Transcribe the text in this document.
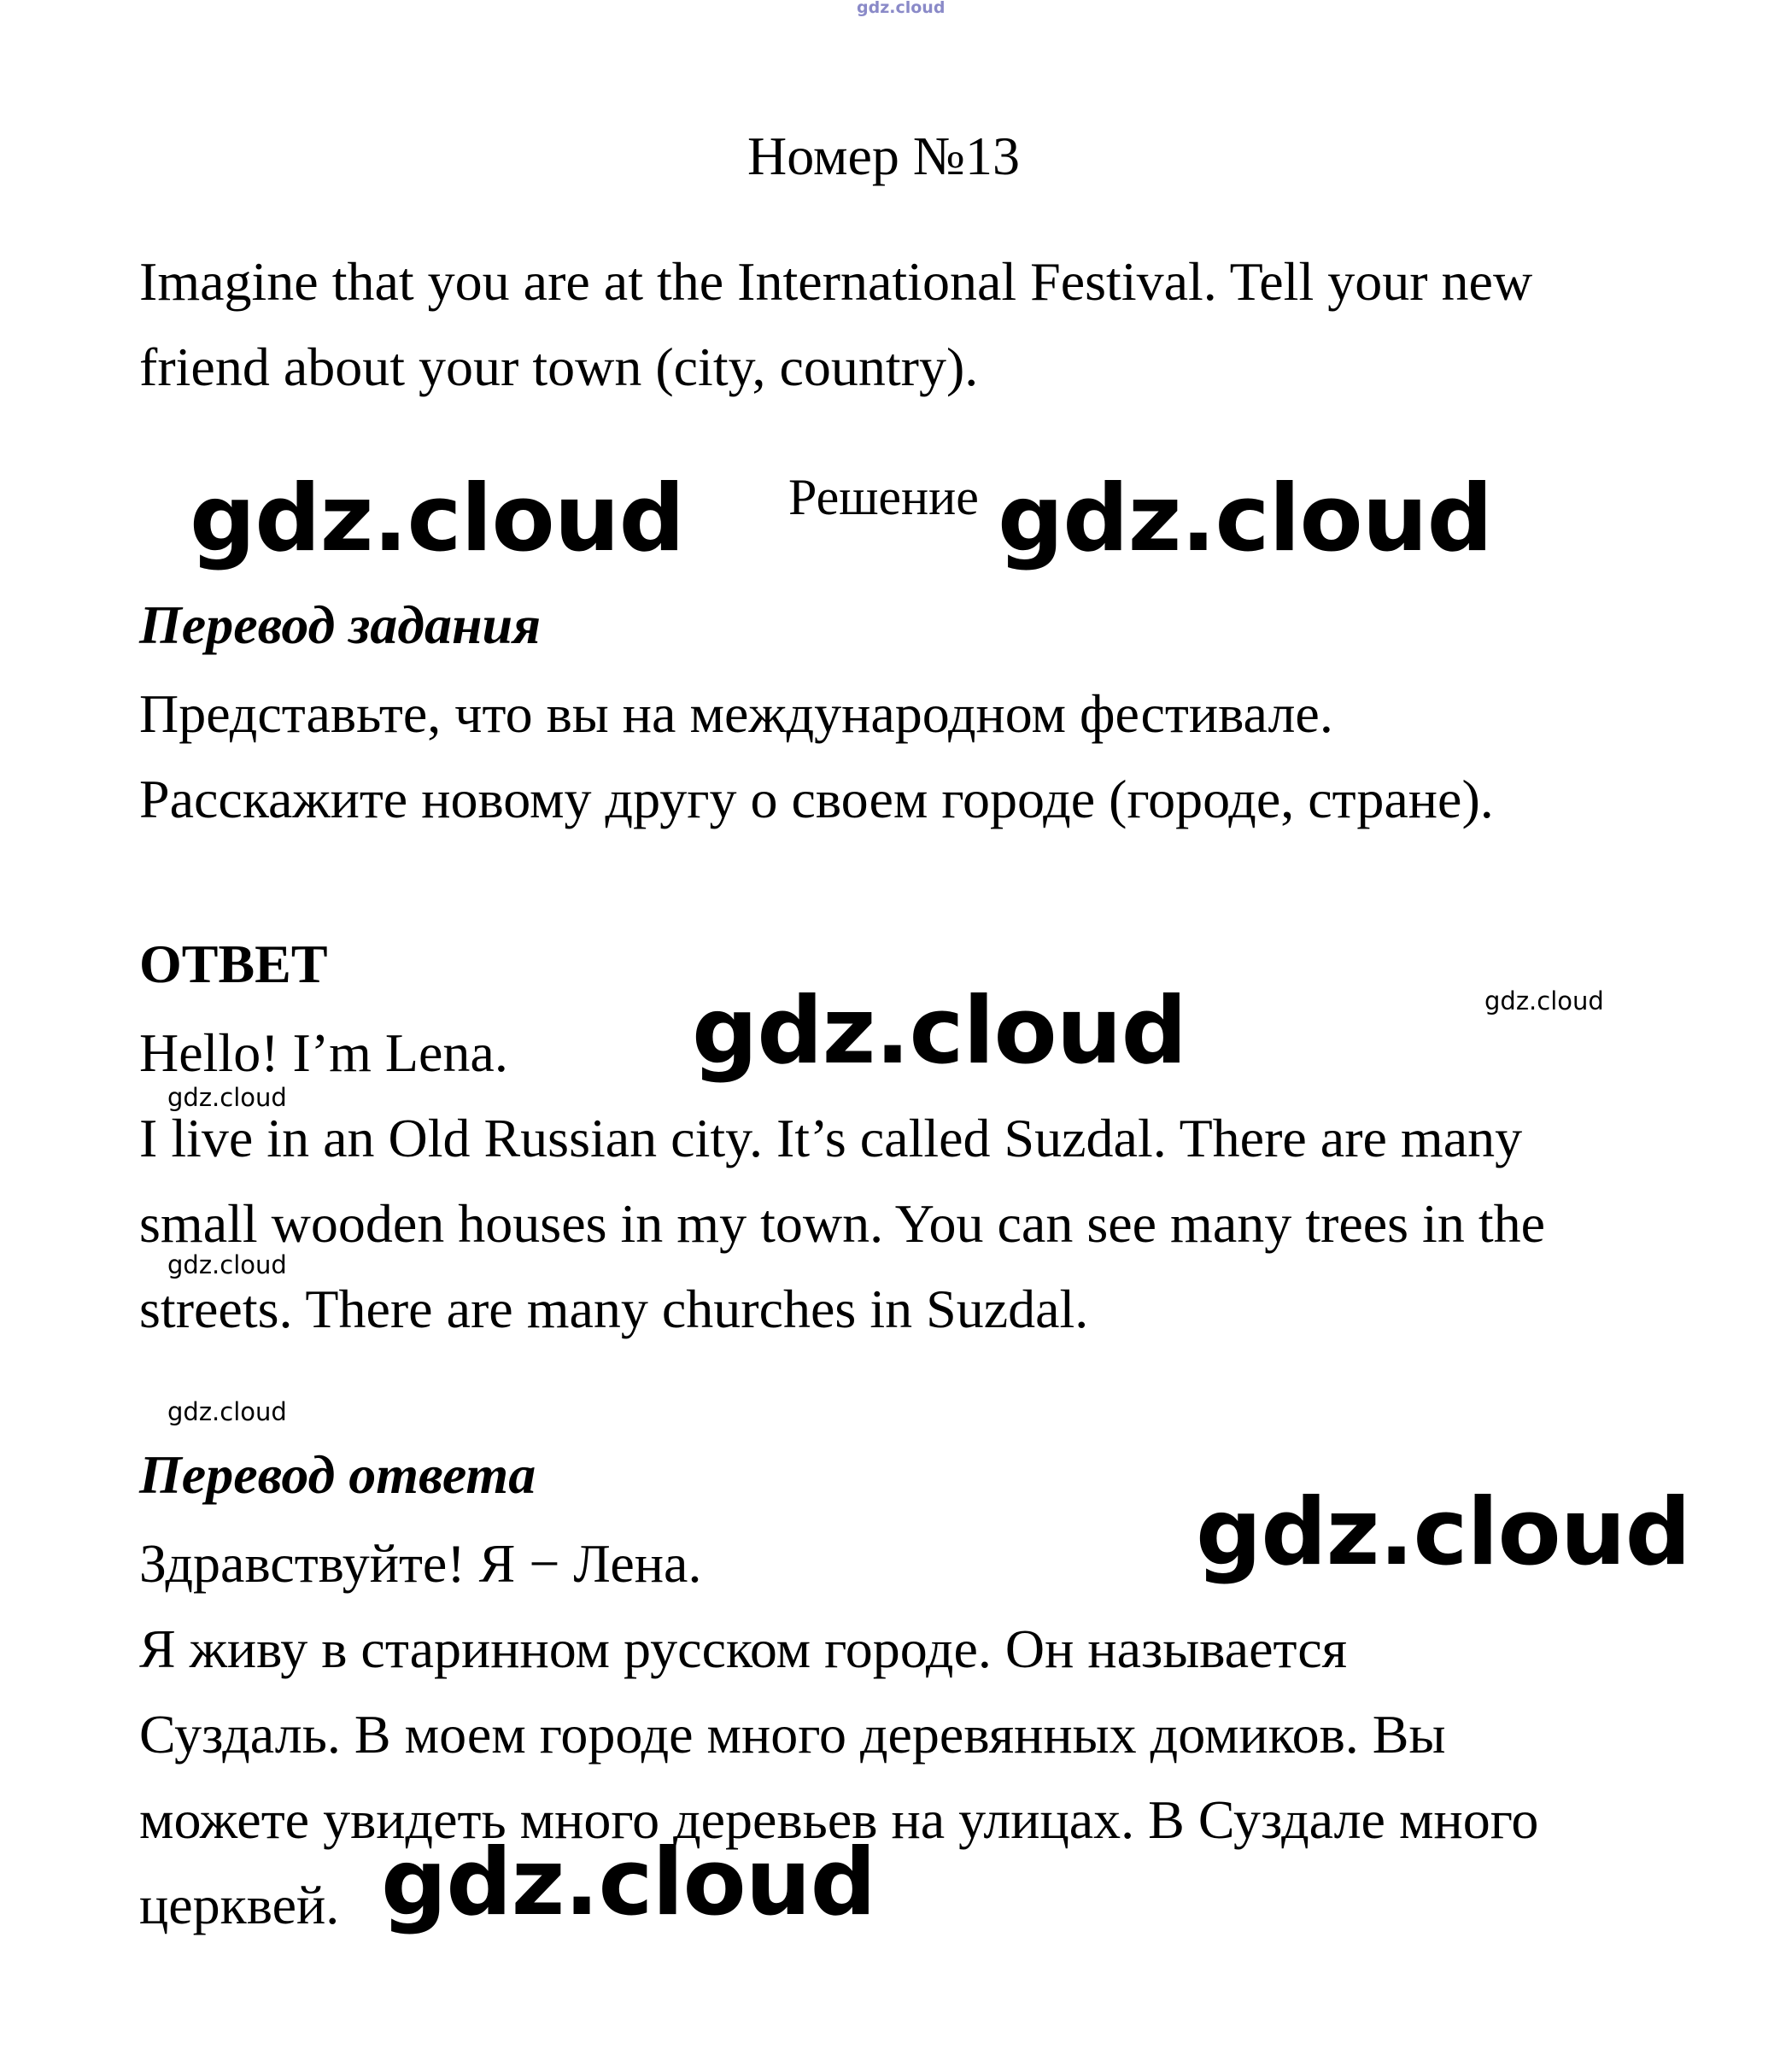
gdz.cloud
Номер №13
Imagine that you are at the International Festival. Tell your new
friend about your town (city, country).
gdz.cloud Решение gdz.cloud
Перевод задания
Представьте, что вы на международном фестивале.
Расскажите новому другу о своем городе (городе, стране).
ОТВЕТ
gdz.cloud	gdz.cloud
Hello! I’m Lena.
gdz.cloud
I live in an Old Russian city. It’s called Suzdal. There are many
small wooden houses in my town. You can see many trees in the
gdz.cloud
streets. There are many churches in Suzdal.
gdz.cloud
Перевод ответа
gdz.cloud
Здравствуйте! Я − Лена.
Я живу в старинном русском городе. Он называется
Суздаль. В моем городе много деревянных домиков. Вы
можете увидеть много деревьев на улицах. В Суздале много
церквей. gdz.cloud
